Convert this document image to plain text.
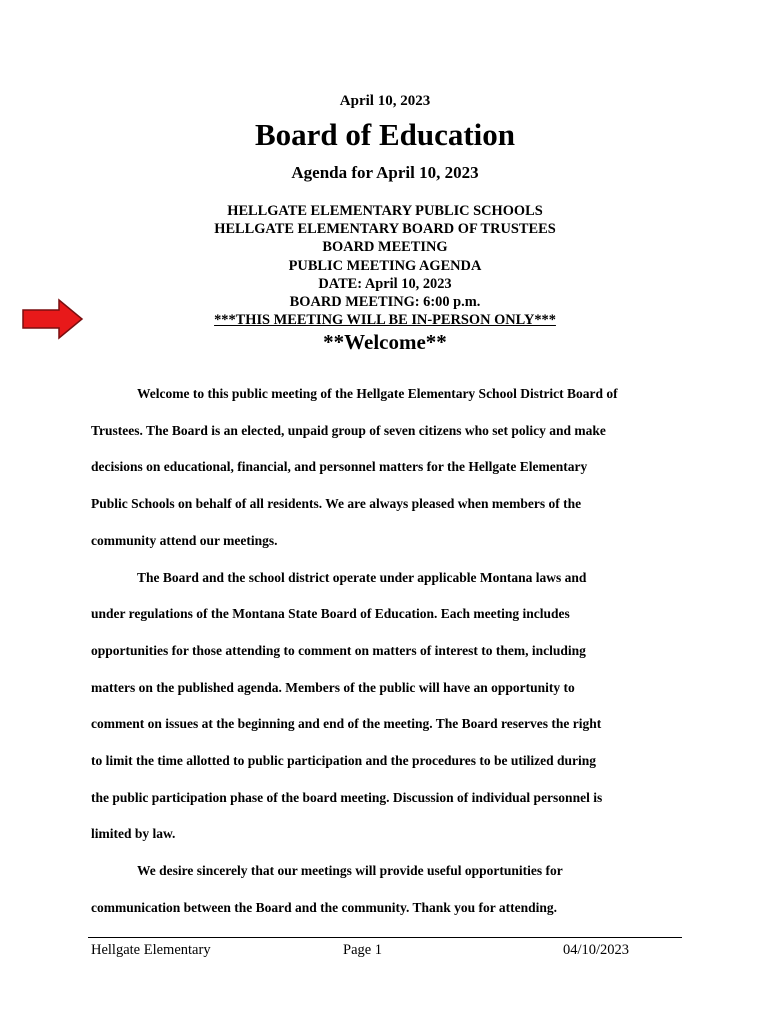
April 10, 2023
Board of Education
Agenda for April 10, 2023
HELLGATE ELEMENTARY PUBLIC SCHOOLS
HELLGATE ELEMENTARY BOARD OF TRUSTEES
BOARD MEETING
PUBLIC MEETING AGENDA
DATE: April 10, 2023
BOARD MEETING: 6:00 p.m.
***THIS MEETING WILL BE IN-PERSON ONLY***
**Welcome**

Welcome to this public meeting of the Hellgate Elementary School District Board of
Trustees. The Board is an elected, unpaid group of seven citizens who set policy and make
decisions on educational, financial, and personnel matters for the Hellgate Elementary
Public Schools on behalf of all residents. We are always pleased when members of the
community attend our meetings.

The Board and the school district operate under applicable Montana laws and
under regulations of the Montana State Board of Education. Each meeting includes
opportunities for those attending to comment on matters of interest to them, including
matters on the published agenda. Members of the public will have an opportunity to
comment on issues at the beginning and end of the meeting. The Board reserves the right
to limit the time allotted to public participation and the procedures to be utilized during
the public participation phase of the board meeting. Discussion of individual personnel is
limited by law.

We desire sincerely that our meetings will provide useful opportunities for
communication between the Board and the community. Thank you for attending.

Hellgate Elementary	Page 1	04/10/2023
